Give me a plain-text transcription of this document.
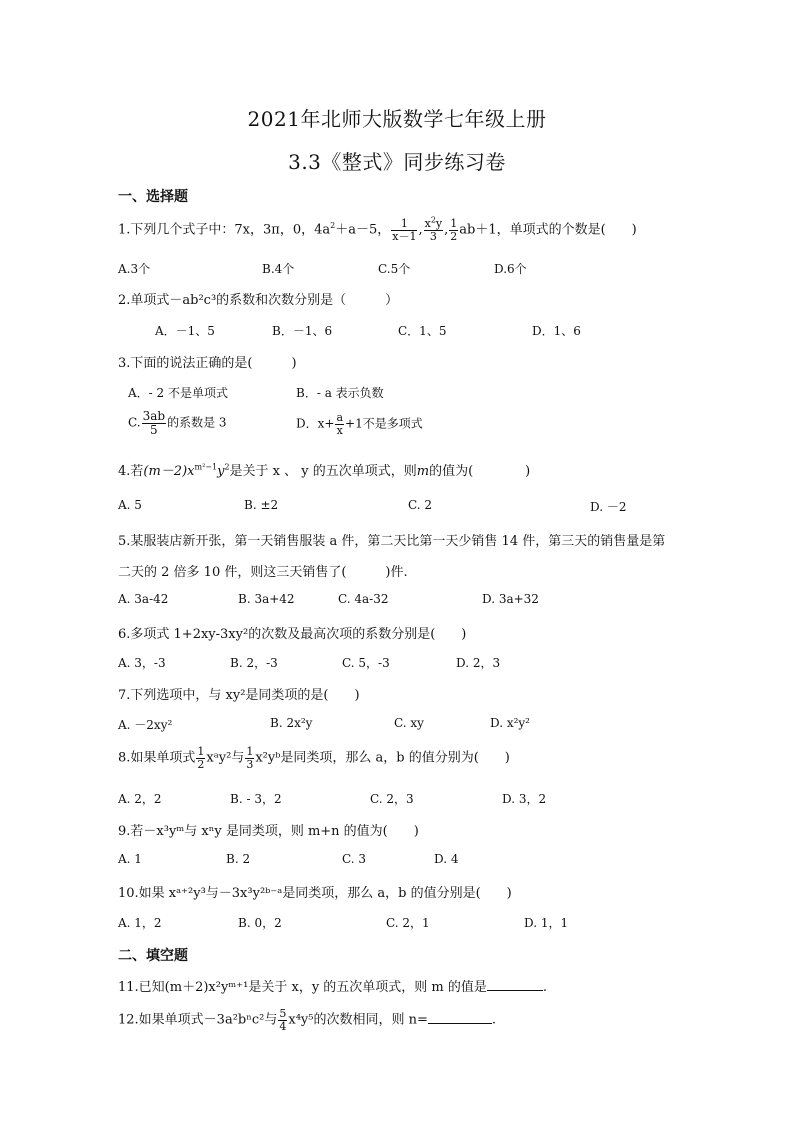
2021年北师大版数学七年级上册
3.3《整式》同步练习卷
一、选择题
1.下列几个式子中：7x，3π，0，$4a^2+a-5$， $\frac{1}{x-1}$ , $\frac{x^2y}{3}$ , $\frac{1}{2} ab+1$，单项式的个数是(　　)
A.3个	B.4个	C.5个	D.6个
2.单项式－ab²c³的系数和次数分别是（　　　）
A．－1、5	B．－1、6	C．1、5	D．1、6
3.下面的说法正确的是(　　　)
A．- 2 不是单项式	B．- a 表示负数
C. $\frac{3ab}{5}$ 的系数是 3	D．$x+ \frac{a}{x} +1$不是多项式
4.若$(m-2)x^{m^2-1}y^2$是关于 x 、 y 的五次单项式，则m的值为(　　　　)
A. 5	B. ±2	C. 2	D. －2
5.某服装店新开张，第一天销售服装 a 件，第二天比第一天少销售 14 件，第三天的销售量是第
二天的 2 倍多 10 件，则这三天销售了(　　　)件.
A. 3a-42	B. 3a+42	C. 4a-32	D. 3a+32
6.多项式 1+2xy-3xy²的次数及最高次项的系数分别是(　　)
A. 3，-3	B. 2，-3	C. 5，-3	D. 2，3
7.下列选项中，与 xy²是同类项的是(　　)
A. －2xy²	B. 2x²y	C. xy	D. x²y²
8.如果单项式 $\frac{1}{2}$ xᵃy²与 $\frac{1}{3}$ x²yᵇ是同类项，那么 a，b 的值分别为(　　)
A. 2，2	B. - 3，2	C. 2，3	D. 3，2
9.若－x³yᵐ与 xⁿy 是同类项，则 m+n 的值为(　　)
A. 1	B. 2	C. 3	D. 4
10.如果 xᵃ⁺²y³与－3x³y²ᵇ⁻ᵃ是同类项，那么 a，b 的值分别是(　　)
A. 1，2	B. 0，2	C. 2，1	D. 1，1
二、填空题
11.已知(m＋2)x²yᵐ⁺¹是关于 x，y 的五次单项式，则 m 的值是	.
12.如果单项式－3a²bⁿc²与 $\frac{5}{4} x^4y^5$的次数相同，则 n=	.
